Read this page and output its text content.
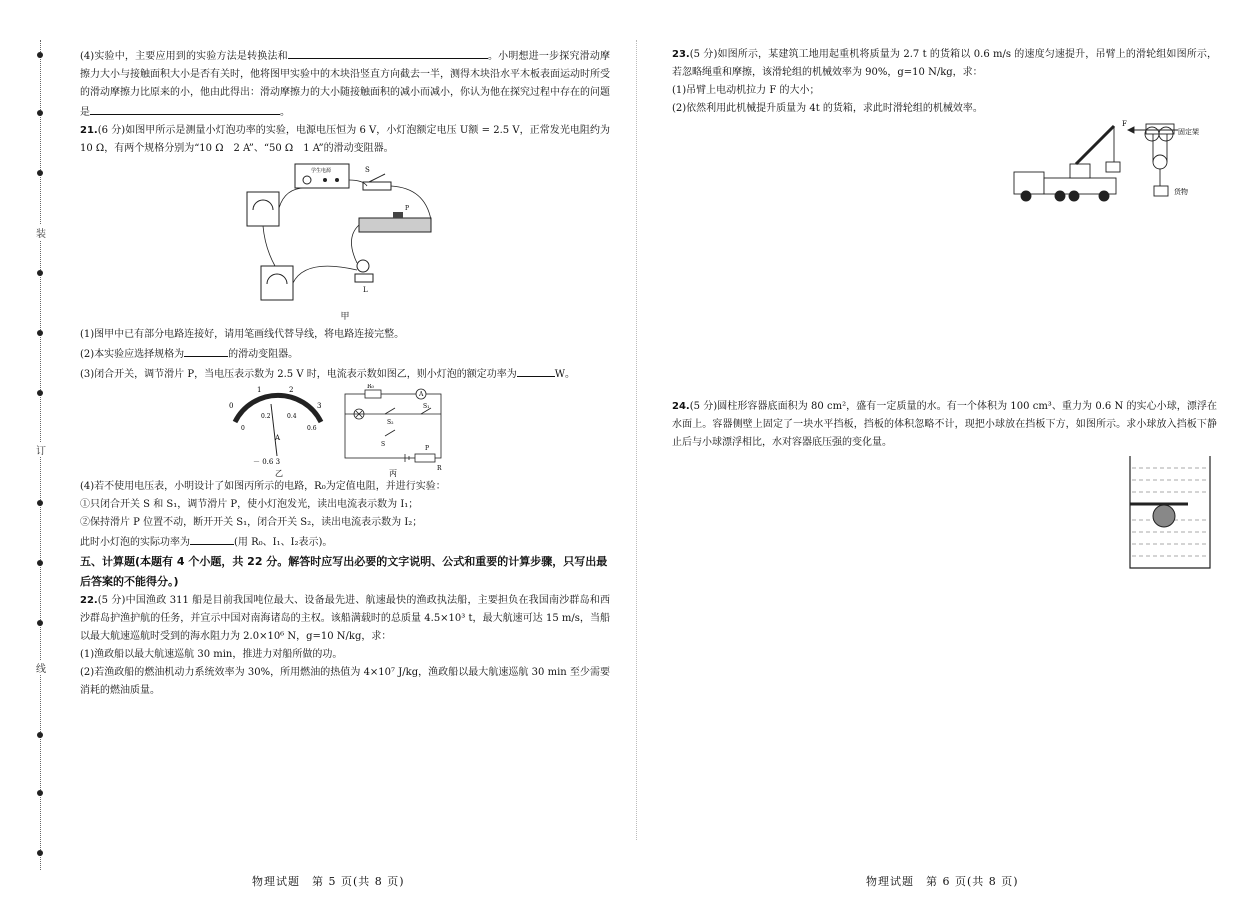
装
订
线

(4)实验中，主要应用到的实验方法是转换法和	。小明想进一步探究滑动摩擦力大小与接触面积大小是否有关时，他将图甲实验中的木块沿竖直方向截去一半，测得木块沿水平木板表面运动时所受的滑动摩擦力比原来的小，他由此得出：滑动摩擦力的大小随接触面积的减小而减小，你认为他在探究过程中存在的问题是	。

21.(6 分)如图甲所示是测量小灯泡功率的实验，电源电压恒为 6 V，小灯泡额定电压 U额 = 2.5 V，正常发光电阻约为 10 Ω，有两个规格分别为“10 Ω　2 A”、“50 Ω　1 A”的滑动变阻器。

学生电源	S
P
L
甲

(1)图甲中已有部分电路连接好，请用笔画线代替导线，将电路连接完整。

(2)本实验应选择规格为	的滑动变阻器。

(3)闭合开关，调节滑片 P，当电压表示数为 2.5 V 时，电流表示数如图乙，则小灯泡的额定功率为	W。

0
1	2
3
0
0.2	0.4
0.6
A
－ 0.6 3
乙
R₀
A
S₂
S₁
S
P
R
丙

(4)若不使用电压表，小明设计了如图丙所示的电路，R₀为定值电阻，并进行实验：

①只闭合开关 S 和 S₁，调节滑片 P，使小灯泡发光，读出电流表示数为 I₁；

②保持滑片 P 位置不动，断开开关 S₁，闭合开关 S₂，读出电流表示数为 I₂；

此时小灯泡的实际功率为	(用 R₀、I₁、I₂表示)。

五、计算题(本题有 4 个小题，共 22 分。解答时应写出必要的文字说明、公式和重要的计算步骤，只写出最后答案的不能得分。)

22.(5 分)中国渔政 311 船是目前我国吨位最大、设备最先进、航速最快的渔政执法船，主要担负在我国南沙群岛和西沙群岛护渔护航的任务，并宣示中国对南海诸岛的主权。该船满载时的总质量 4.5×10³ t，最大航速可达 15 m/s，当船以最大航速巡航时受到的海水阻力为 2.0×10⁶ N，g=10 N/kg，求：

(1)渔政船以最大航速巡航 30 min，推进力对船所做的功。

(2)若渔政船的燃油机动力系统效率为 30%，所用燃油的热值为 4×10⁷ J/kg，渔政船以最大航速巡航 30 min 至少需要消耗的燃油质量。

23.(5 分)如图所示，某建筑工地用起重机将质量为 2.7 t 的货箱以 0.6 m/s 的速度匀速提升，吊臂上的滑轮组如图所示，若忽略绳重和摩擦，该滑轮组的机械效率为 90%，g=10 N/kg，求：

(1)吊臂上电动机拉力 F 的大小；

(2)依然利用此机械提升质量为 4t 的货箱，求此时滑轮组的机械效率。

F
固定架
货物

24.(5 分)圆柱形容器底面积为 80 cm²，盛有一定质量的水。有一个体积为 100 cm³、重力为 0.6 N 的实心小球，漂浮在水面上。容器侧壁上固定了一块水平挡板，挡板的体积忽略不计，现把小球放在挡板下方，如图所示。求小球放入挡板下静止后与小球漂浮相比，水对容器底压强的变化量。

物理试题　第 5 页(共 8 页)	物理试题　第 6 页(共 8 页)
